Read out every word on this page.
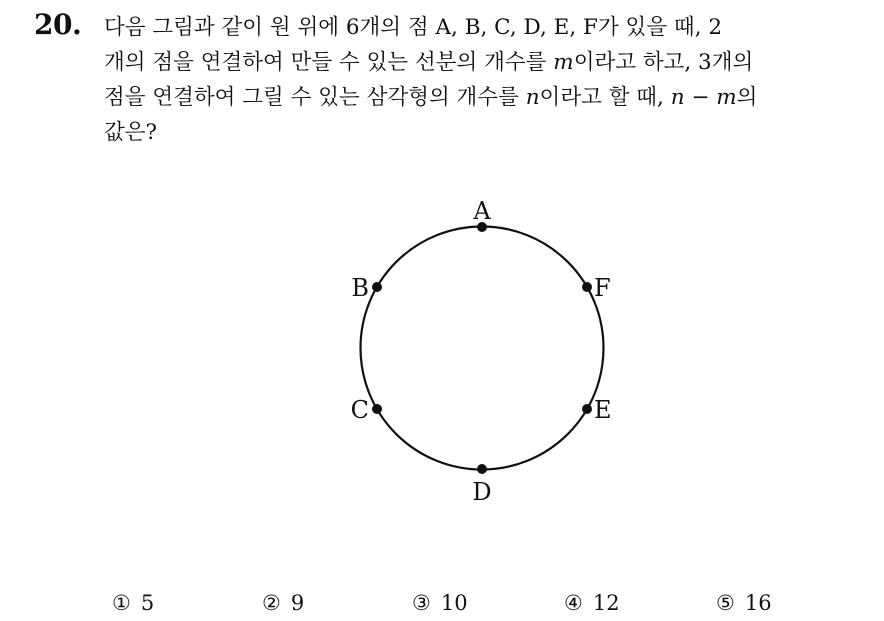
20. 다음 그림과 같이 원 위에 6개의 점 A, B, C, D, E, F가 있을 때, 2
개의 점을 연결하여 만들 수 있는 선분의 개수를 m이라고 하고, 3개의
점을 연결하여 그릴 수 있는 삼각형의 개수를 n이라고 할 때, n − m의
값은?
A
B
C
D
E
F
① 5	② 9	③ 10	④ 12	⑤ 16
